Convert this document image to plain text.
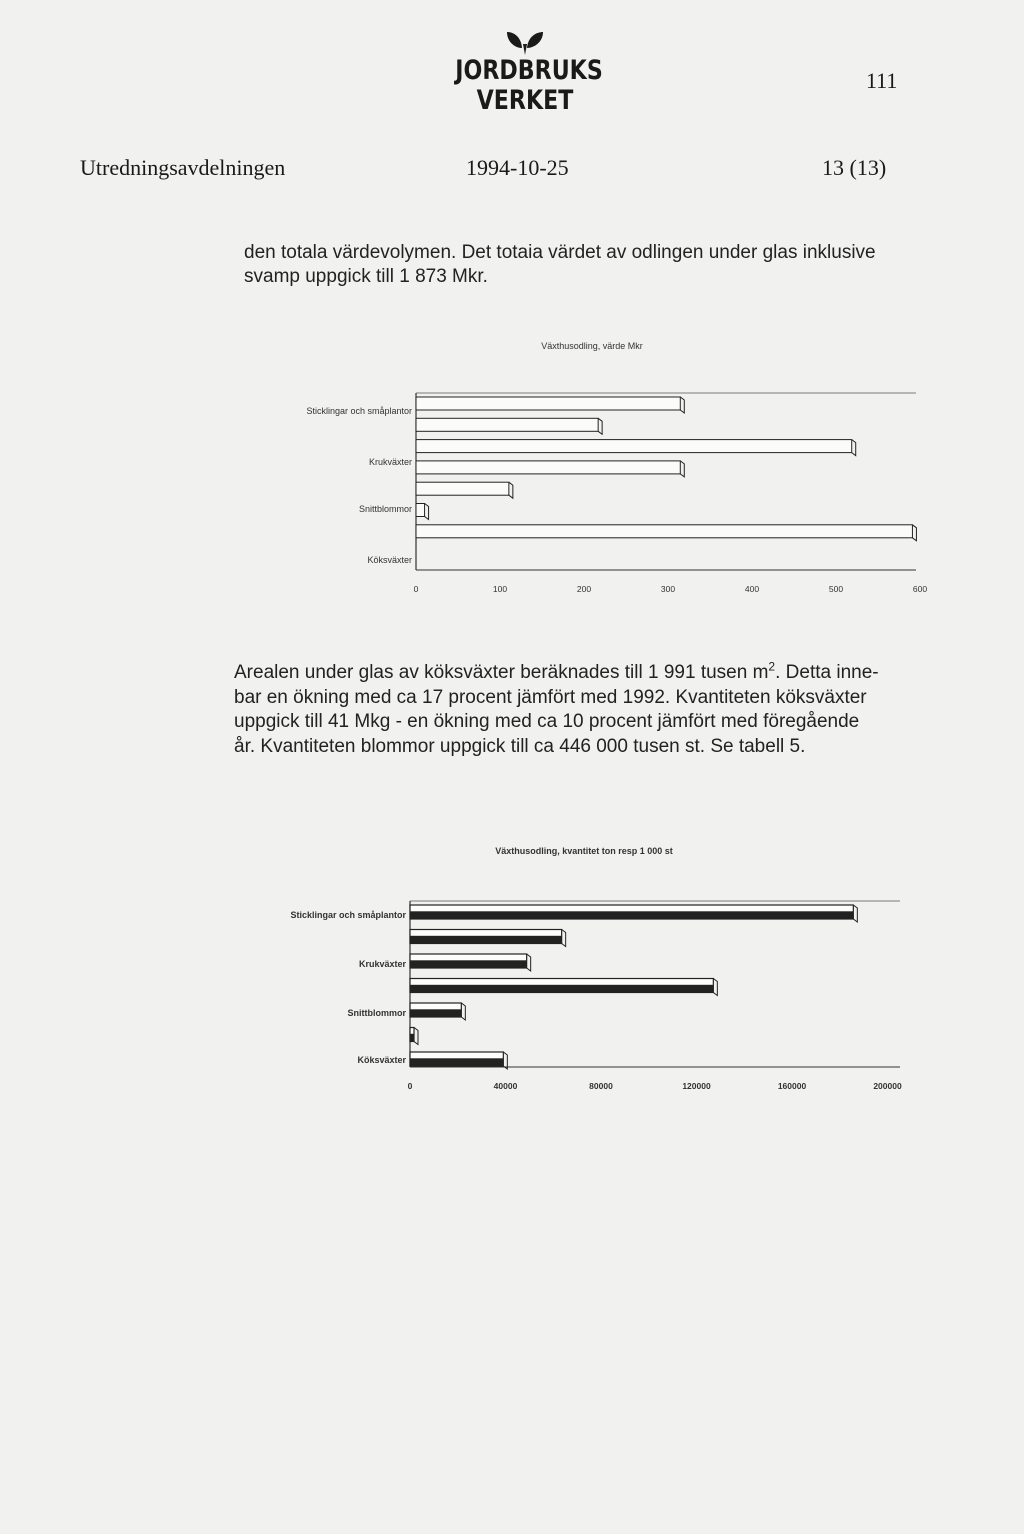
JORDBRUKS
VERKET
111
Utredningsavdelningen	1994-10-25	13 (13)
den totala värdevolymen. Det totaia värdet av odlingen under glas inklusive
svamp uppgick till 1 873 Mkr.
Arealen under glas av köksväxter beräknades till 1 991 tusen $m^2$. Detta inne-
bar en ökning med ca 17 procent jämfört med 1992. Kvantiteten köksväxter
uppgick till 41 Mkg - en ökning med ca 10 procent jämfört med föregående
år. Kvantiteten blommor uppgick till ca 446 000 tusen st. Se tabell 5.
Växthusodling, värde Mkr
Sticklingar och småplantor
Krukväxter
Snittblommor
Köksväxter
0	100	200	300	400	500	600
Växthusodling, kvantitet ton resp 1 000 st
Sticklingar och småplantor
Krukväxter
Snittblommor
Köksväxter
0	40000	80000	120000	160000	200000
